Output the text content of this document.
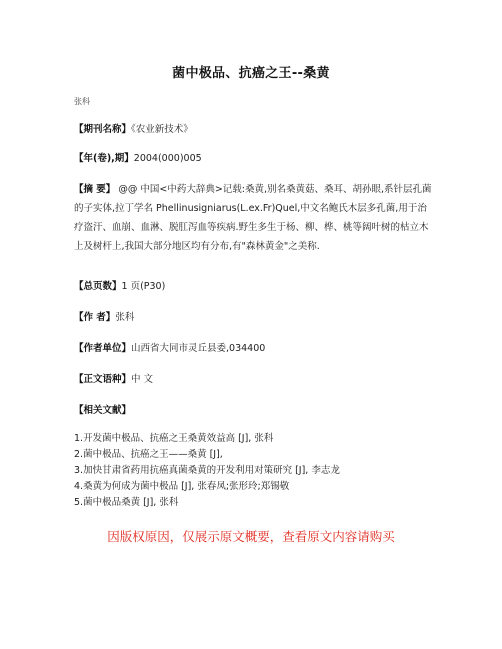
菌中极品、抗癌之王--桑黄
张科
【期刊名称】《农业新技术》
【年(卷),期】2004(000)005
【摘 要】 @@ 中国<中药大辞典>记载:桑黄,别名桑黄菇、桑耳、胡孙眼,系针层孔菌的子实体,拉丁学名 Phellinusigniarus(L.ex.Fr)Quel,中文名鲍氏木层多孔菌,用于治疗盗汗、血崩、血淋、脱肛泻血等疾病.野生多生于杨、柳、桦、桃等阔叶树的枯立木上及树杆上,我国大部分地区均有分布,有"森林黄金"之美称.
【总页数】1 页(P30)
【作 者】张科
【作者单位】山西省大同市灵丘县委,034400
【正文语种】中 文
【相关文献】
1.开发菌中极品、抗癌之王桑黄效益高 [J], 张科
2.菌中极品、抗癌之王——桑黄 [J],
3.加快甘肃省药用抗癌真菌桑黄的开发利用对策研究 [J], 李志龙
4.桑黄为何成为菌中极品 [J], 张春凤;张形玲;郑锡敬
5.菌中极品桑黄 [J], 张科
因版权原因，仅展示原文概要，查看原文内容请购买
